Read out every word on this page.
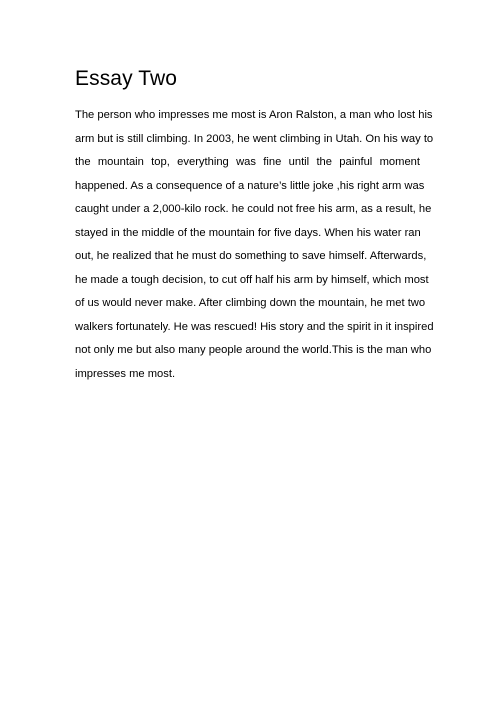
Essay Two
The person who impresses me most is Aron Ralston, a man who lost his
arm but is still climbing. In 2003, he went climbing in Utah. On his way to
the mountain top, everything was fine until the painful moment
happened. As a consequence of a nature’s little joke ,his right arm was
caught under a 2,000-kilo rock. he could not free his arm, as a result, he
stayed in the middle of the mountain for five days. When his water ran
out, he realized that he must do something to save himself. Afterwards,
he made a tough decision, to cut off half his arm by himself, which most
of us would never make. After climbing down the mountain, he met two
walkers fortunately. He was rescued! His story and the spirit in it inspired
not only me but also many people around the world.This is the man who
impresses me most.
